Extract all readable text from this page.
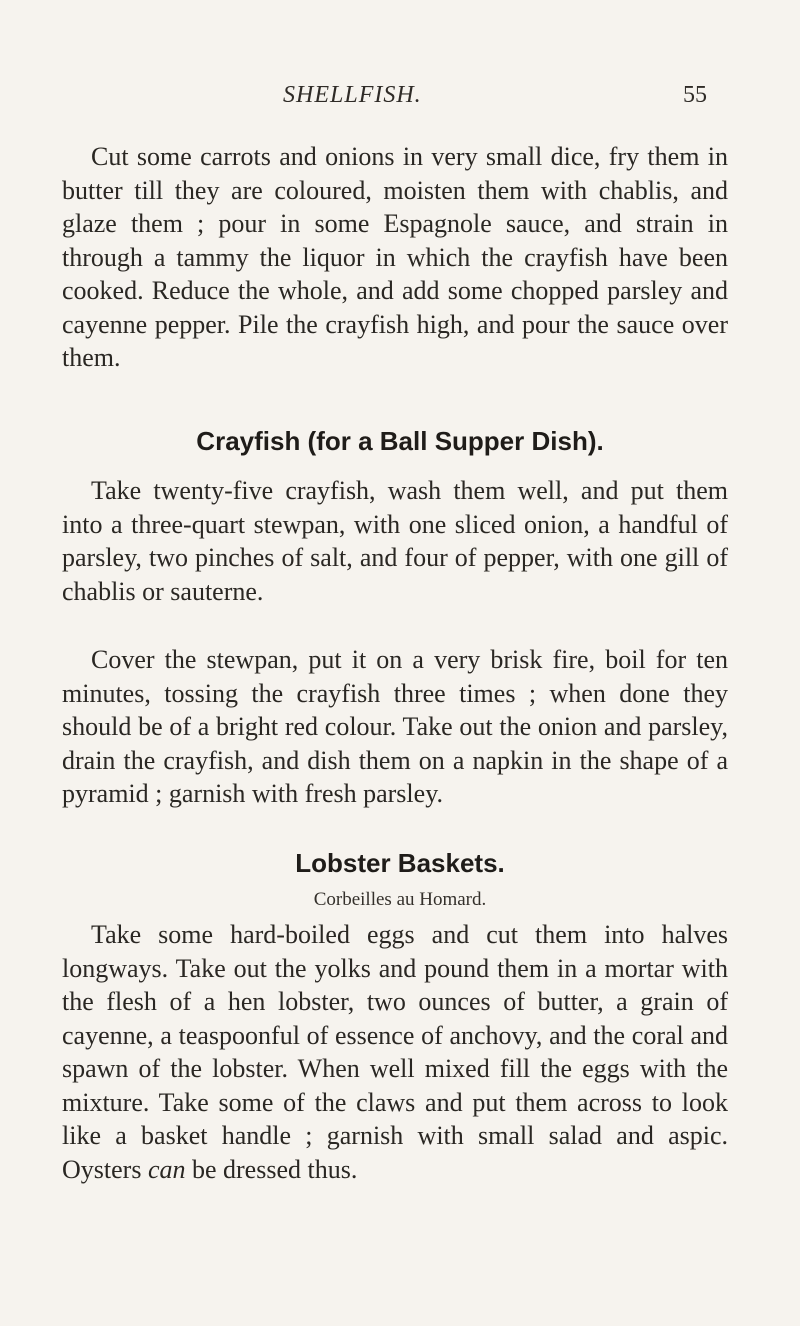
SHELLFISH.	55

Cut some carrots and onions in very small dice, fry them in butter till they are coloured, moisten them with chablis, and glaze them ; pour in some Espagnole sauce, and strain in through a tammy the liquor in which the crayfish have been cooked. Reduce the whole, and add some chopped parsley and cayenne pepper. Pile the crayfish high, and pour the sauce over them.

Crayfish (for a Ball Supper Dish).

Take twenty-five crayfish, wash them well, and put them into a three-quart stewpan, with one sliced onion, a handful of parsley, two pinches of salt, and four of pepper, with one gill of chablis or sauterne.

Cover the stewpan, put it on a very brisk fire, boil for ten minutes, tossing the crayfish three times ; when done they should be of a bright red colour. Take out the onion and parsley, drain the crayfish, and dish them on a napkin in the shape of a pyramid ; garnish with fresh parsley.

Lobster Baskets.

Corbeilles au Homard.

Take some hard-boiled eggs and cut them into halves longways. Take out the yolks and pound them in a mortar with the flesh of a hen lobster, two ounces of butter, a grain of cayenne, a teaspoonful of essence of anchovy, and the coral and spawn of the lobster. When well mixed fill the eggs with the mixture. Take some of the claws and put them across to look like a basket handle ; garnish with small salad and aspic. Oysters can be dressed thus.
